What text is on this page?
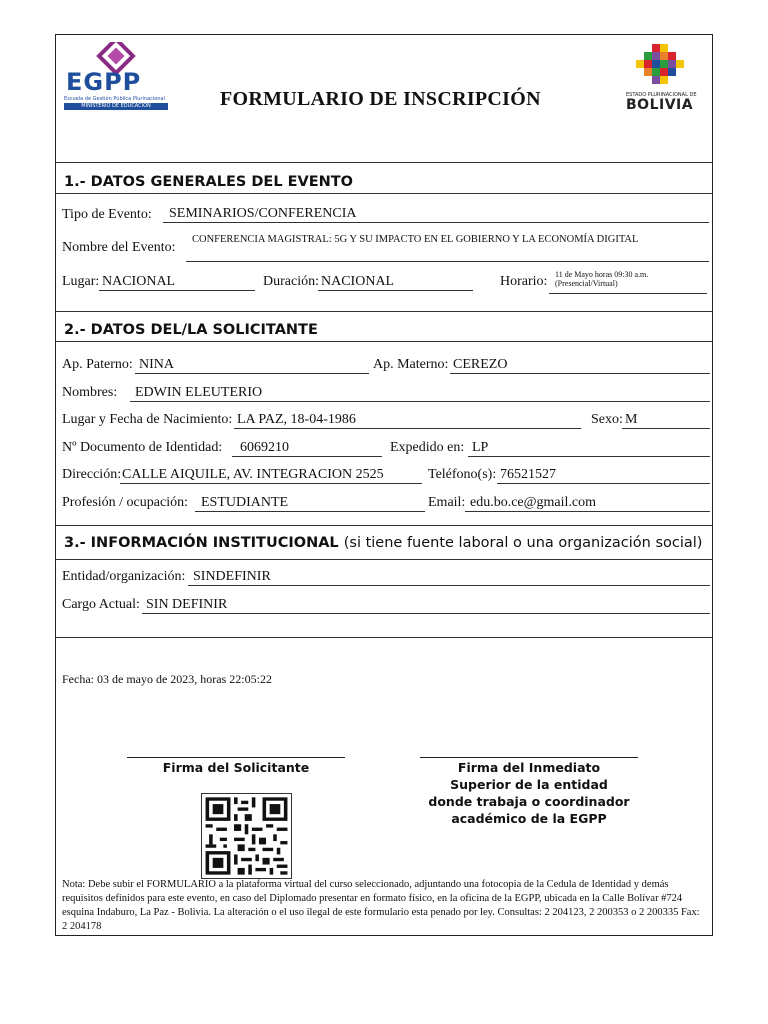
EGPP
Escuela de Gestión Pública Plurinacional
MINISTERIO DE EDUCACIÓN
ESTADO PLURINACIONAL DE
BOLIVIA
FORMULARIO DE INSCRIPCIÓN
1.- DATOS GENERALES DEL EVENTO
Tipo de Evento:	SEMINARIOS/CONFERENCIA
Nombre del Evento:
CONFERENCIA MAGISTRAL: 5G Y SU IMPACTO EN EL GOBIERNO Y LA ECONOMÍA DIGITAL
Lugar: NACIONAL	Duración: NACIONAL	Horario: 11 de Mayo horas 09:30 a.m.
(Presencial/Virtual)
2.- DATOS DEL/LA SOLICITANTE
Ap. Paterno: NINA	Ap. Materno: CEREZO
Nombres:	EDWIN ELEUTERIO
Lugar y Fecha de Nacimiento: LA PAZ, 18-04-1986	Sexo: M
Nº Documento de Identidad:	6069210	Expedido en: LP
Dirección: CALLE AIQUILE, AV. INTEGRACION 2525	Teléfono(s): 76521527
Profesión / ocupación: ESTUDIANTE	Email: edu.bo.ce@gmail.com
3.- INFORMACIÓN INSTITUCIONAL (si tiene fuente laboral o una organización social)
Entidad/organización: SINDEFINIR
Cargo Actual: SIN DEFINIR
Fecha: 03 de mayo de 2023, horas 22:05:22
Firma del Solicitante	Firma del Inmediato
Superior de la entidad
donde trabaja o coordinador
académico de la EGPP
Nota: Debe subir el FORMULARIO a la plataforma virtual del curso seleccionado, adjuntando una fotocopia de la Cedula de Identidad y demás requisitos definidos para este evento, en caso del Diplomado presentar en formato físico, en la oficina de la EGPP, ubicada en la Calle Bolívar #724 esquina Indaburo, La Paz - Bolivia. La alteración o el uso ilegal de este formulario esta penado por ley. Consultas: 2 204123, 2 200353 o 2 200335 Fax: 2 204178
